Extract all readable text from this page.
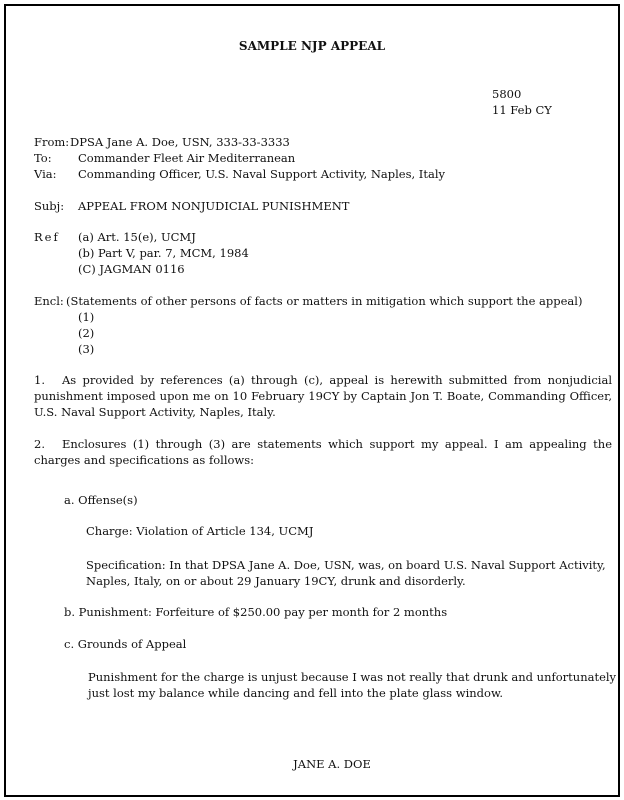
SAMPLE NJP APPEAL
5800
11 Feb CY
From: DPSA Jane A. Doe, USN, 333-33-3333
To: Commander Fleet Air Mediterranean
Via: Commanding Officer, U.S. Naval Support Activity, Naples, Italy
Subj: APPEAL FROM NONJUDICIAL PUNISHMENT
Ref (a) Art. 15(e), UCMJ
(b) Part V, par. 7, MCM, 1984
(C) JAGMAN 0116
Encl: (Statements of other persons of facts or matters in mitigation which support the appeal)
(1)
(2)
(3)
1. As provided by references (a) through (c), appeal is herewith submitted from nonjudicial punishment imposed upon me on 10 February 19CY by Captain Jon T. Boate, Commanding Officer, U.S. Naval Support Activity, Naples, Italy.
2. Enclosures (1) through (3) are statements which support my appeal. I am appealing the charges and specifications as follows:
a. Offense(s)
Charge: Violation of Article 134, UCMJ
Specification: In that DPSA Jane A. Doe, USN, was, on board U.S. Naval Support Activity,
Naples, Italy, on or about 29 January 19CY, drunk and disorderly.
b. Punishment: Forfeiture of $250.00 pay per month for 2 months
c. Grounds of Appeal
Punishment for the charge is unjust because I was not really that drunk and unfortunately
just lost my balance while dancing and fell into the plate glass window.
JANE A. DOE
